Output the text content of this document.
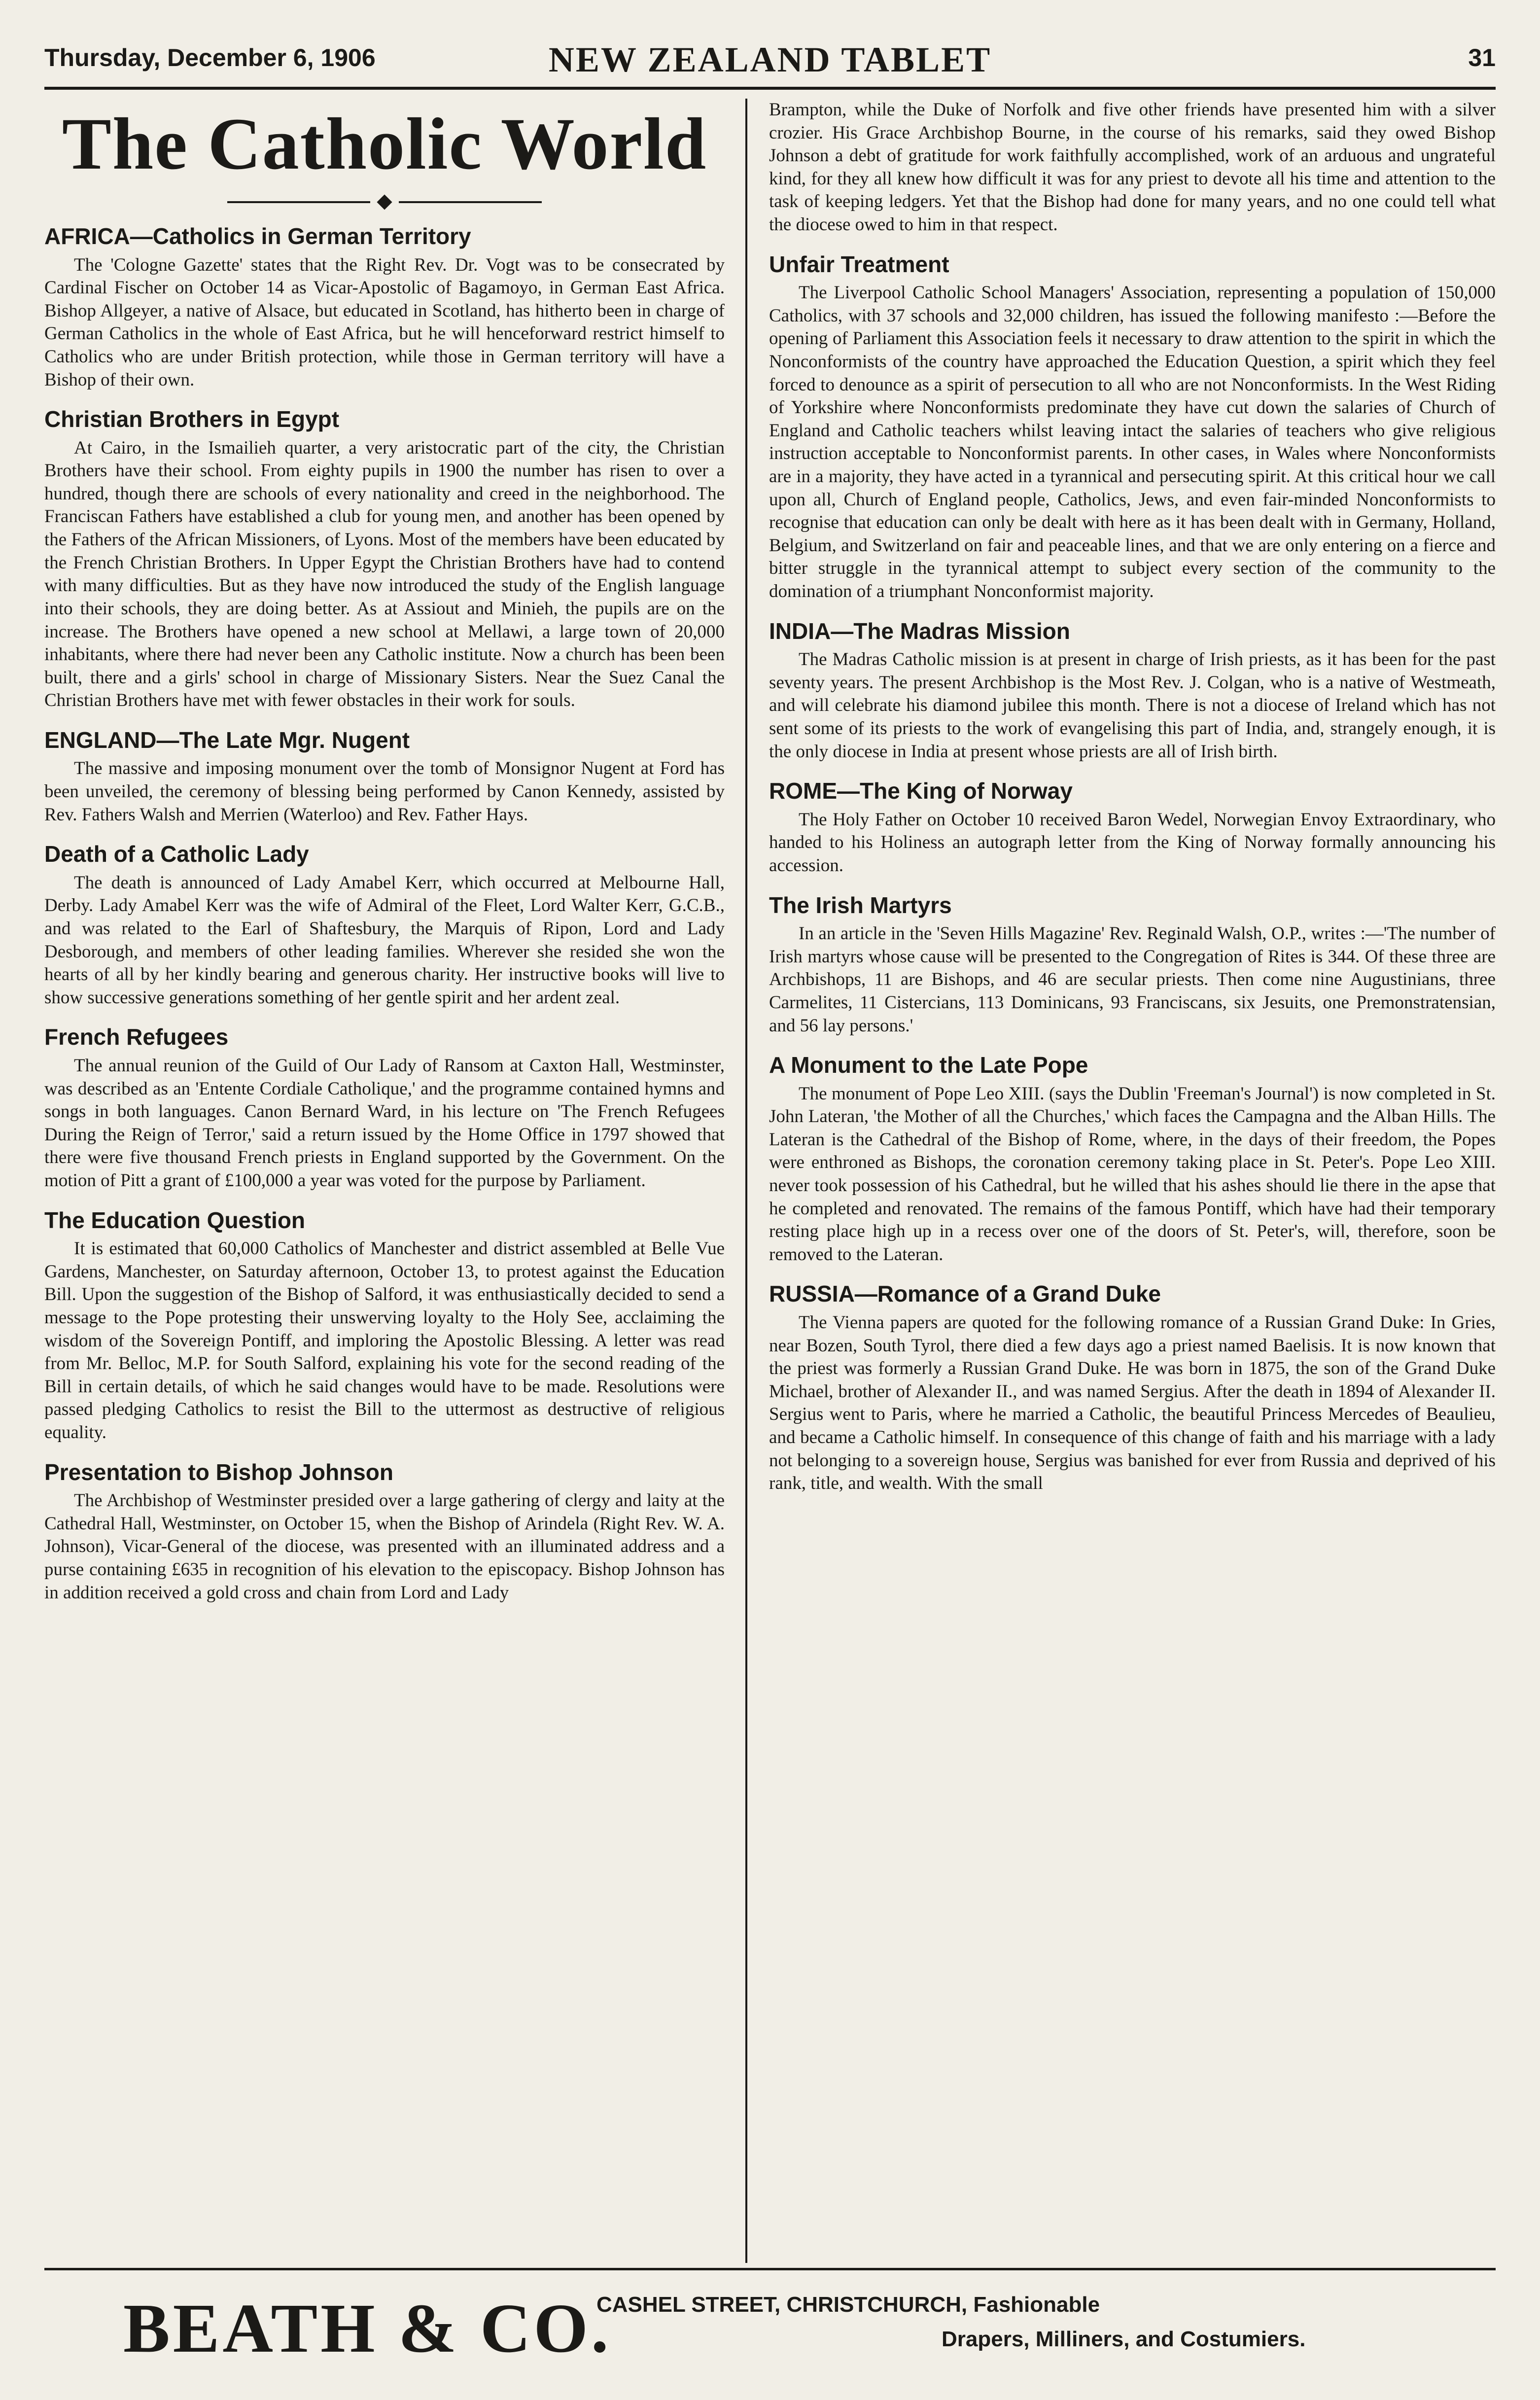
Thursday, December 6, 1906	NEW ZEALAND TABLET	31
The Catholic World
AFRICA—Catholics in German Territory

The 'Cologne Gazette' states that the Right Rev. Dr. Vogt was to be consecrated by Cardinal Fischer on October 14 as Vicar-Apostolic of Bagamoyo, in German East Africa. Bishop Allgeyer, a native of Alsace, but educated in Scotland, has hitherto been in charge of German Catholics in the whole of East Africa, but he will henceforward restrict himself to Catholics who are under British protection, while those in German territory will have a Bishop of their own.

Christian Brothers in Egypt

At Cairo, in the Ismailieh quarter, a very aristocratic part of the city, the Christian Brothers have their school. From eighty pupils in 1900 the number has risen to over a hundred, though there are schools of every nationality and creed in the neighborhood. The Franciscan Fathers have established a club for young men, and another has been opened by the Fathers of the African Missioners, of Lyons. Most of the members have been educated by the French Christian Brothers. In Upper Egypt the Christian Brothers have had to contend with many difficulties. But as they have now introduced the study of the English language into their schools, they are doing better. As at Assiout and Minieh, the pupils are on the increase. The Brothers have opened a new school at Mellawi, a large town of 20,000 inhabitants, where there had never been any Catholic institute. Now a church has been been built, there and a girls' school in charge of Missionary Sisters. Near the Suez Canal the Christian Brothers have met with fewer obstacles in their work for souls.

ENGLAND—The Late Mgr. Nugent

The massive and imposing monument over the tomb of Monsignor Nugent at Ford has been unveiled, the ceremony of blessing being performed by Canon Kennedy, assisted by Rev. Fathers Walsh and Merrien (Waterloo) and Rev. Father Hays.

Death of a Catholic Lady

The death is announced of Lady Amabel Kerr, which occurred at Melbourne Hall, Derby. Lady Amabel Kerr was the wife of Admiral of the Fleet, Lord Walter Kerr, G.C.B., and was related to the Earl of Shaftesbury, the Marquis of Ripon, Lord and Lady Desborough, and members of other leading families. Wherever she resided she won the hearts of all by her kindly bearing and generous charity. Her instructive books will live to show successive generations something of her gentle spirit and her ardent zeal.

French Refugees

The annual reunion of the Guild of Our Lady of Ransom at Caxton Hall, Westminster, was described as an 'Entente Cordiale Catholique,' and the programme contained hymns and songs in both languages. Canon Bernard Ward, in his lecture on 'The French Refugees During the Reign of Terror,' said a return issued by the Home Office in 1797 showed that there were five thousand French priests in England supported by the Government. On the motion of Pitt a grant of £100,000 a year was voted for the purpose by Parliament.

The Education Question

It is estimated that 60,000 Catholics of Manchester and district assembled at Belle Vue Gardens, Manchester, on Saturday afternoon, October 13, to protest against the Education Bill. Upon the suggestion of the Bishop of Salford, it was enthusiastically decided to send a message to the Pope protesting their unswerving loyalty to the Holy See, acclaiming the wisdom of the Sovereign Pontiff, and imploring the Apostolic Blessing. A letter was read from Mr. Belloc, M.P. for South Salford, explaining his vote for the second reading of the Bill in certain details, of which he said changes would have to be made. Resolutions were passed pledging Catholics to resist the Bill to the uttermost as destructive of religious equality.

Presentation to Bishop Johnson

The Archbishop of Westminster presided over a large gathering of clergy and laity at the Cathedral Hall, Westminster, on October 15, when the Bishop of Arindela (Right Rev. W. A. Johnson), Vicar-General of the diocese, was presented with an illuminated address and a purse containing £635 in recognition of his elevation to the episcopacy. Bishop Johnson has in addition received a gold cross and chain from Lord and Lady

Brampton, while the Duke of Norfolk and five other friends have presented him with a silver crozier. His Grace Archbishop Bourne, in the course of his remarks, said they owed Bishop Johnson a debt of gratitude for work faithfully accomplished, work of an arduous and ungrateful kind, for they all knew how difficult it was for any priest to devote all his time and attention to the task of keeping ledgers. Yet that the Bishop had done for many years, and no one could tell what the diocese owed to him in that respect.

Unfair Treatment

The Liverpool Catholic School Managers' Association, representing a population of 150,000 Catholics, with 37 schools and 32,000 children, has issued the following manifesto :—Before the opening of Parliament this Association feels it necessary to draw attention to the spirit in which the Nonconformists of the country have approached the Education Question, a spirit which they feel forced to denounce as a spirit of persecution to all who are not Nonconformists. In the West Riding of Yorkshire where Nonconformists predominate they have cut down the salaries of Church of England and Catholic teachers whilst leaving intact the salaries of teachers who give religious instruction acceptable to Nonconformist parents. In other cases, in Wales where Nonconformists are in a majority, they have acted in a tyrannical and persecuting spirit. At this critical hour we call upon all, Church of England people, Catholics, Jews, and even fair-minded Nonconformists to recognise that education can only be dealt with here as it has been dealt with in Germany, Holland, Belgium, and Switzerland on fair and peaceable lines, and that we are only entering on a fierce and bitter struggle in the tyrannical attempt to subject every section of the community to the domination of a triumphant Nonconformist majority.

INDIA—The Madras Mission

The Madras Catholic mission is at present in charge of Irish priests, as it has been for the past seventy years. The present Archbishop is the Most Rev. J. Colgan, who is a native of Westmeath, and will celebrate his diamond jubilee this month. There is not a diocese of Ireland which has not sent some of its priests to the work of evangelising this part of India, and, strangely enough, it is the only diocese in India at present whose priests are all of Irish birth.

ROME—The King of Norway

The Holy Father on October 10 received Baron Wedel, Norwegian Envoy Extraordinary, who handed to his Holiness an autograph letter from the King of Norway formally announcing his accession.

The Irish Martyrs

In an article in the 'Seven Hills Magazine' Rev. Reginald Walsh, O.P., writes :—'The number of Irish martyrs whose cause will be presented to the Congregation of Rites is 344. Of these three are Archbishops, 11 are Bishops, and 46 are secular priests. Then come nine Augustinians, three Carmelites, 11 Cistercians, 113 Dominicans, 93 Franciscans, six Jesuits, one Premonstratensian, and 56 lay persons.'

A Monument to the Late Pope

The monument of Pope Leo XIII. (says the Dublin 'Freeman's Journal') is now completed in St. John Lateran, 'the Mother of all the Churches,' which faces the Campagna and the Alban Hills. The Lateran is the Cathedral of the Bishop of Rome, where, in the days of their freedom, the Popes were enthroned as Bishops, the coronation ceremony taking place in St. Peter's. Pope Leo XIII. never took possession of his Cathedral, but he willed that his ashes should lie there in the apse that he completed and renovated. The remains of the famous Pontiff, which have had their temporary resting place high up in a recess over one of the doors of St. Peter's, will, therefore, soon be removed to the Lateran.

RUSSIA—Romance of a Grand Duke

The Vienna papers are quoted for the following romance of a Russian Grand Duke: In Gries, near Bozen, South Tyrol, there died a few days ago a priest named Baelisis. It is now known that the priest was formerly a Russian Grand Duke. He was born in 1875, the son of the Grand Duke Michael, brother of Alexander II., and was named Sergius. After the death in 1894 of Alexander II. Sergius went to Paris, where he married a Catholic, the beautiful Princess Mercedes of Beaulieu, and became a Catholic himself. In consequence of this change of faith and his marriage with a lady not belonging to a sovereign house, Sergius was banished for ever from Russia and deprived of his rank, title, and wealth. With the small

BEATH & CO.
CASHEL STREET, CHRISTCHURCH, Fashionable
Drapers, Milliners, and Costumiers.
